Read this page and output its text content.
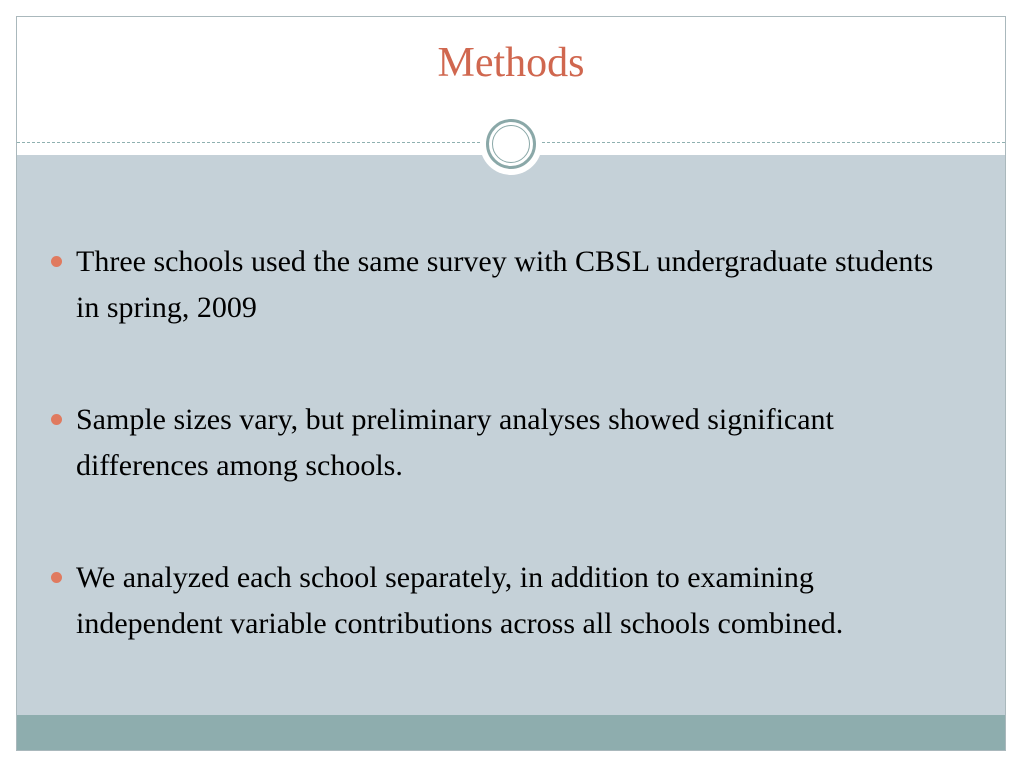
Methods
Three schools used the same survey with CBSL undergraduate students in spring, 2009
Sample sizes vary, but preliminary analyses showed significant differences among schools.
We analyzed each school separately, in addition to examining independent variable contributions across all schools combined.
